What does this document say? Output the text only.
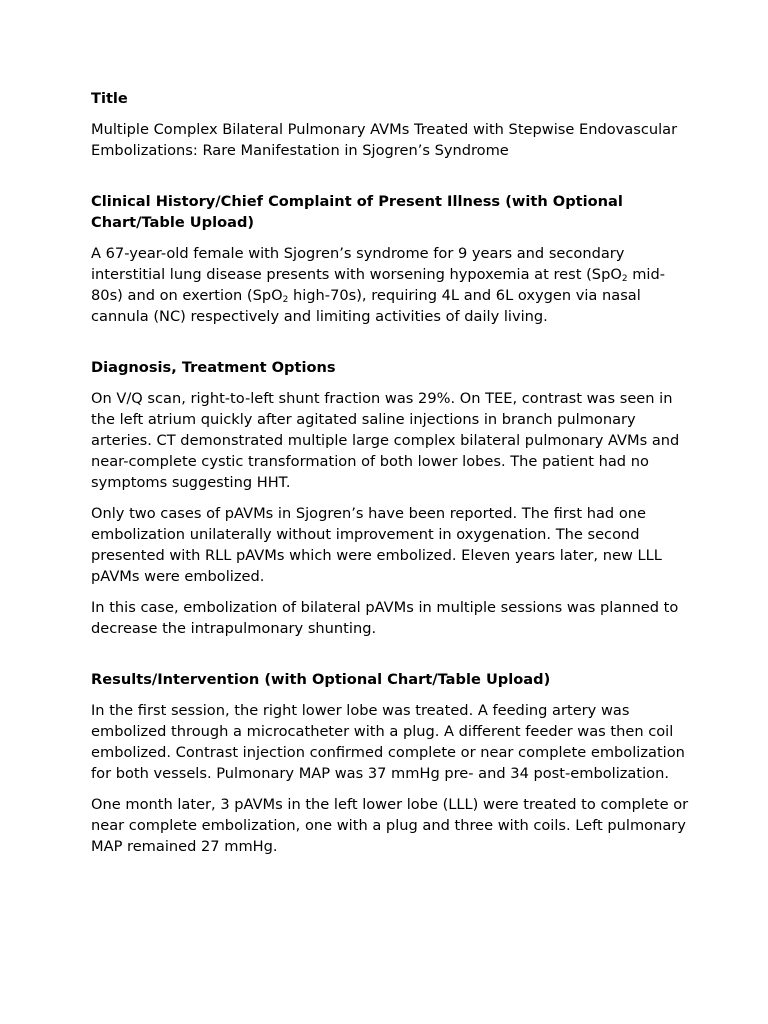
Title
Multiple Complex Bilateral Pulmonary AVMs Treated with Stepwise Endovascular Embolizations: Rare Manifestation in Sjogren’s Syndrome
Clinical History/Chief Complaint of Present Illness (with Optional Chart/Table Upload)
A 67-year-old female with Sjogren’s syndrome for 9 years and secondary interstitial lung disease presents with worsening hypoxemia at rest (SpO$_2$ mid-80s) and on exertion (SpO$_2$ high-70s), requiring 4L and 6L oxygen via nasal cannula (NC) respectively and limiting activities of daily living.
Diagnosis, Treatment Options
On V/Q scan, right-to-left shunt fraction was 29%. On TEE, contrast was seen in the left atrium quickly after agitated saline injections in branch pulmonary arteries. CT demonstrated multiple large complex bilateral pulmonary AVMs and near-complete cystic transformation of both lower lobes. The patient had no symptoms suggesting HHT.
Only two cases of pAVMs in Sjogren’s have been reported. The first had one embolization unilaterally without improvement in oxygenation. The second presented with RLL pAVMs which were embolized. Eleven years later, new LLL pAVMs were embolized.
In this case, embolization of bilateral pAVMs in multiple sessions was planned to decrease the intrapulmonary shunting.
Results/Intervention (with Optional Chart/Table Upload)
In the first session, the right lower lobe was treated. A feeding artery was embolized through a microcatheter with a plug. A different feeder was then coil embolized. Contrast injection confirmed complete or near complete embolization for both vessels. Pulmonary MAP was 37 mmHg pre- and 34 post-embolization.
One month later, 3 pAVMs in the left lower lobe (LLL) were treated to complete or near complete embolization, one with a plug and three with coils. Left pulmonary MAP remained 27 mmHg.
